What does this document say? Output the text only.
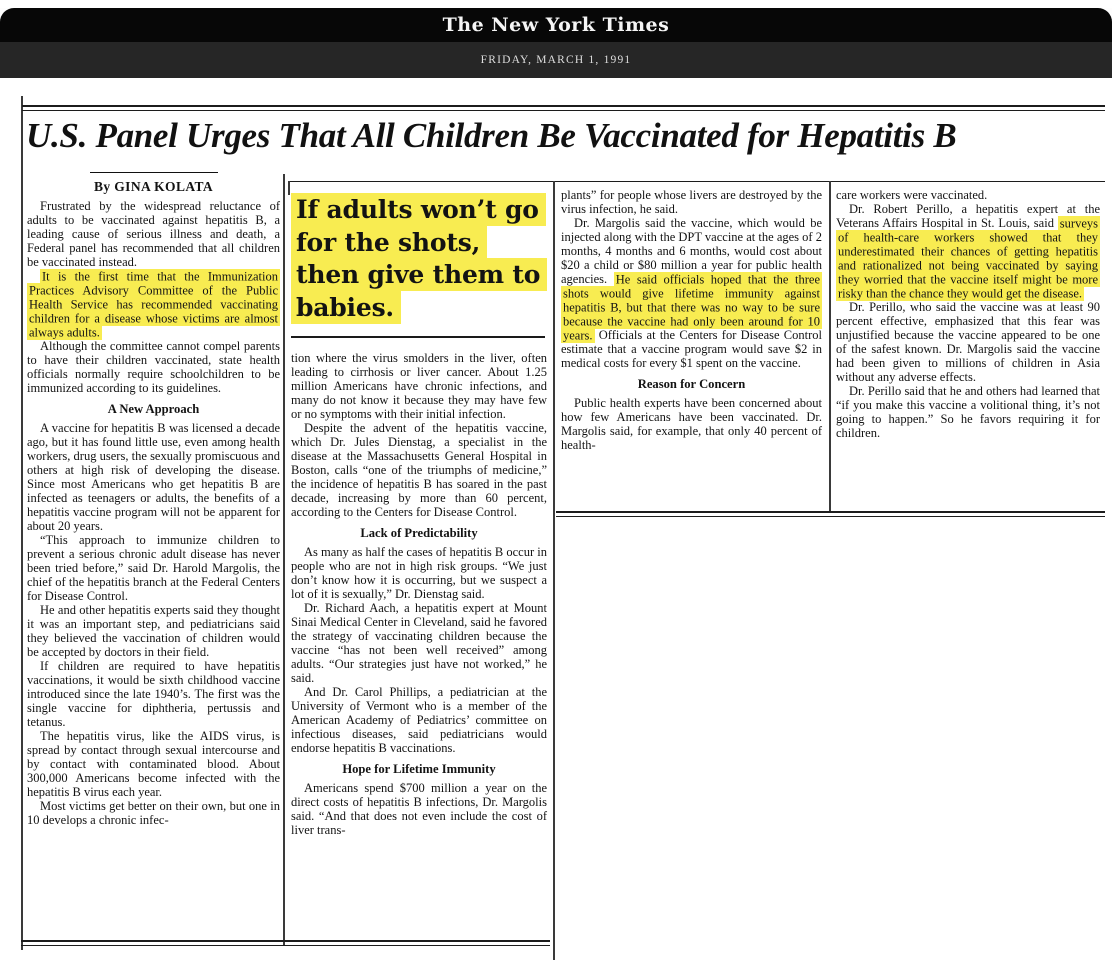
The New York Times
FRIDAY, MARCH 1, 1991
U.S. Panel Urges That All Children Be Vaccinated for Hepatitis B
By GINA KOLATA

Frustrated by the widespread reluctance of adults to be vaccinated against hepatitis B, a leading cause of serious illness and death, a Federal panel has recommended that all children be vaccinated instead.

It is the first time that the Immunization Practices Advisory Committee of the Public Health Service has recommended vaccinating children for a disease whose victims are almost always adults.

Although the committee cannot compel parents to have their children vaccinated, state health officials normally require schoolchildren to be immunized according to its guidelines.

A New Approach

A vaccine for hepatitis B was licensed a decade ago, but it has found little use, even among health workers, drug users, the sexually promiscuous and others at high risk of developing the disease. Since most Americans who get hepatitis B are infected as teenagers or adults, the benefits of a hepatitis vaccine program will not be apparent for about 20 years.

“This approach to immunize children to prevent a serious chronic adult disease has never been tried before,” said Dr. Harold Margolis, the chief of the hepatitis branch at the Federal Centers for Disease Control.

He and other hepatitis experts said they thought it was an important step, and pediatricians said they believed the vaccination of children would be accepted by doctors in their field.

If children are required to have hepatitis vaccinations, it would be sixth childhood vaccine introduced since the late 1940’s. The first was the single vaccine for diphtheria, pertussis and tetanus.

The hepatitis virus, like the AIDS virus, is spread by contact through sexual intercourse and by contact with contaminated blood. About 300,000 Americans become infected with the hepatitis B virus each year.

Most victims get better on their own, but one in 10 develops a chronic infec-

If adults won’t go for the shots, then give them to babies.

tion where the virus smolders in the liver, often leading to cirrhosis or liver cancer. About 1.25 million Americans have chronic infections, and many do not know it because they may have few or no symptoms with their initial infection.

Despite the advent of the hepatitis vaccine, which Dr. Jules Dienstag, a specialist in the disease at the Massachusetts General Hospital in Boston, calls “one of the triumphs of medicine,” the incidence of hepatitis B has soared in the past decade, increasing by more than 60 percent, according to the Centers for Disease Control.

Lack of Predictability

As many as half the cases of hepatitis B occur in people who are not in high risk groups. “We just don’t know how it is occurring, but we suspect a lot of it is sexually,” Dr. Dienstag said.

Dr. Richard Aach, a hepatitis expert at Mount Sinai Medical Center in Cleveland, said he favored the strategy of vaccinating children because the vaccine “has not been well received” among adults. “Our strategies just have not worked,” he said.

And Dr. Carol Phillips, a pediatrician at the University of Vermont who is a member of the American Academy of Pediatrics’ committee on infectious diseases, said pediatricians would endorse hepatitis B vaccinations.

Hope for Lifetime Immunity

Americans spend $700 million a year on the direct costs of hepatitis B infections, Dr. Margolis said. “And that does not even include the cost of liver trans-

plants” for people whose livers are destroyed by the virus infection, he said.

Dr. Margolis said the vaccine, which would be injected along with the DPT vaccine at the ages of 2 months, 4 months and 6 months, would cost about $20 a child or $80 million a year for public health agencies. He said officials hoped that the three shots would give lifetime immunity against hepatitis B, but that there was no way to be sure because the vaccine had only been around for 10 years. Officials at the Centers for Disease Control estimate that a vaccine program would save $2 in medical costs for every $1 spent on the vaccine.

Reason for Concern

Public health experts have been concerned about how few Americans have been vaccinated. Dr. Margolis said, for example, that only 40 percent of health-

care workers were vaccinated.

Dr. Robert Perillo, a hepatitis expert at the Veterans Affairs Hospital in St. Louis, said surveys of health-care workers showed that they underestimated their chances of getting hepatitis and rationalized not being vaccinated by saying they worried that the vaccine itself might be more risky than the chance they would get the disease.

Dr. Perillo, who said the vaccine was at least 90 percent effective, emphasized that this fear was unjustified because the vaccine appeared to be one of the safest known. Dr. Margolis said the vaccine had been given to millions of children in Asia without any adverse effects.

Dr. Perillo said that he and others had learned that “if you make this vaccine a volitional thing, it’s not going to happen.” So he favors requiring it for children.
